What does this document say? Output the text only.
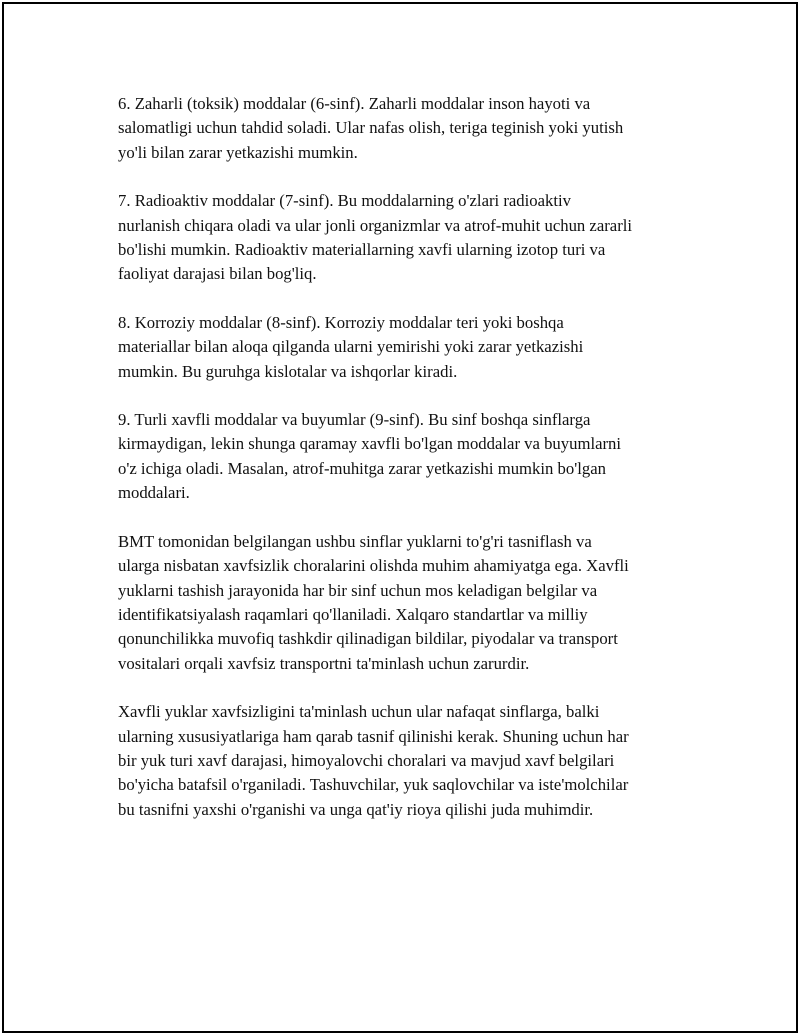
6. Zaharli (toksik) moddalar (6-sinf). Zaharli moddalar inson hayoti va
salomatligi uchun tahdid soladi. Ular nafas olish, teriga teginish yoki yutish
yo'li bilan zarar yetkazishi mumkin.

7. Radioaktiv moddalar (7-sinf). Bu moddalarning o'zlari radioaktiv
nurlanish chiqara oladi va ular jonli organizmlar va atrof-muhit uchun zararli
bo'lishi mumkin. Radioaktiv materiallarning xavfi ularning izotop turi va
faoliyat darajasi bilan bog'liq.

8. Korroziy moddalar (8-sinf). Korroziy moddalar teri yoki boshqa
materiallar bilan aloqa qilganda ularni yemirishi yoki zarar yetkazishi
mumkin. Bu guruhga kislotalar va ishqorlar kiradi.

9. Turli xavfli moddalar va buyumlar (9-sinf). Bu sinf boshqa sinflarga
kirmaydigan, lekin shunga qaramay xavfli bo'lgan moddalar va buyumlarni
o'z ichiga oladi. Masalan, atrof-muhitga zarar yetkazishi mumkin bo'lgan
moddalari.

BMT tomonidan belgilangan ushbu sinflar yuklarni to'g'ri tasniflash va
ularga nisbatan xavfsizlik choralarini olishda muhim ahamiyatga ega. Xavfli
yuklarni tashish jarayonida har bir sinf uchun mos keladigan belgilar va
identifikatsiyalash raqamlari qo'llaniladi. Xalqaro standartlar va milliy
qonunchilikka muvofiq tashkdir qilinadigan bildilar, piyodalar va transport
vositalari orqali xavfsiz transportni ta'minlash uchun zarurdir.

Xavfli yuklar xavfsizligini ta'minlash uchun ular nafaqat sinflarga, balki
ularning xususiyatlariga ham qarab tasnif qilinishi kerak. Shuning uchun har
bir yuk turi xavf darajasi, himoyalovchi choralari va mavjud xavf belgilari
bo'yicha batafsil o'rganiladi. Tashuvchilar, yuk saqlovchilar va iste'molchilar
bu tasnifni yaxshi o'rganishi va unga qat'iy rioya qilishi juda muhimdir.
